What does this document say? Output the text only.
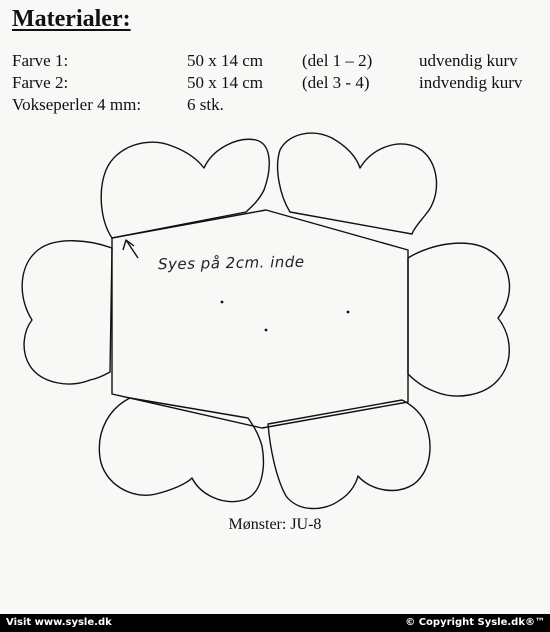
Materialer:
Farve 1:	50 x 14 cm (del 1 – 2)	udvendig kurv
Farve 2:	50 x 14 cm (del 3 - 4)	indvendig kurv
Vokseperler 4 mm:	6 stk.
Syes på 2cm. inde
Mønster: JU-8
Visit www.sysle.dk	© Copyright Sysle.dk®™
